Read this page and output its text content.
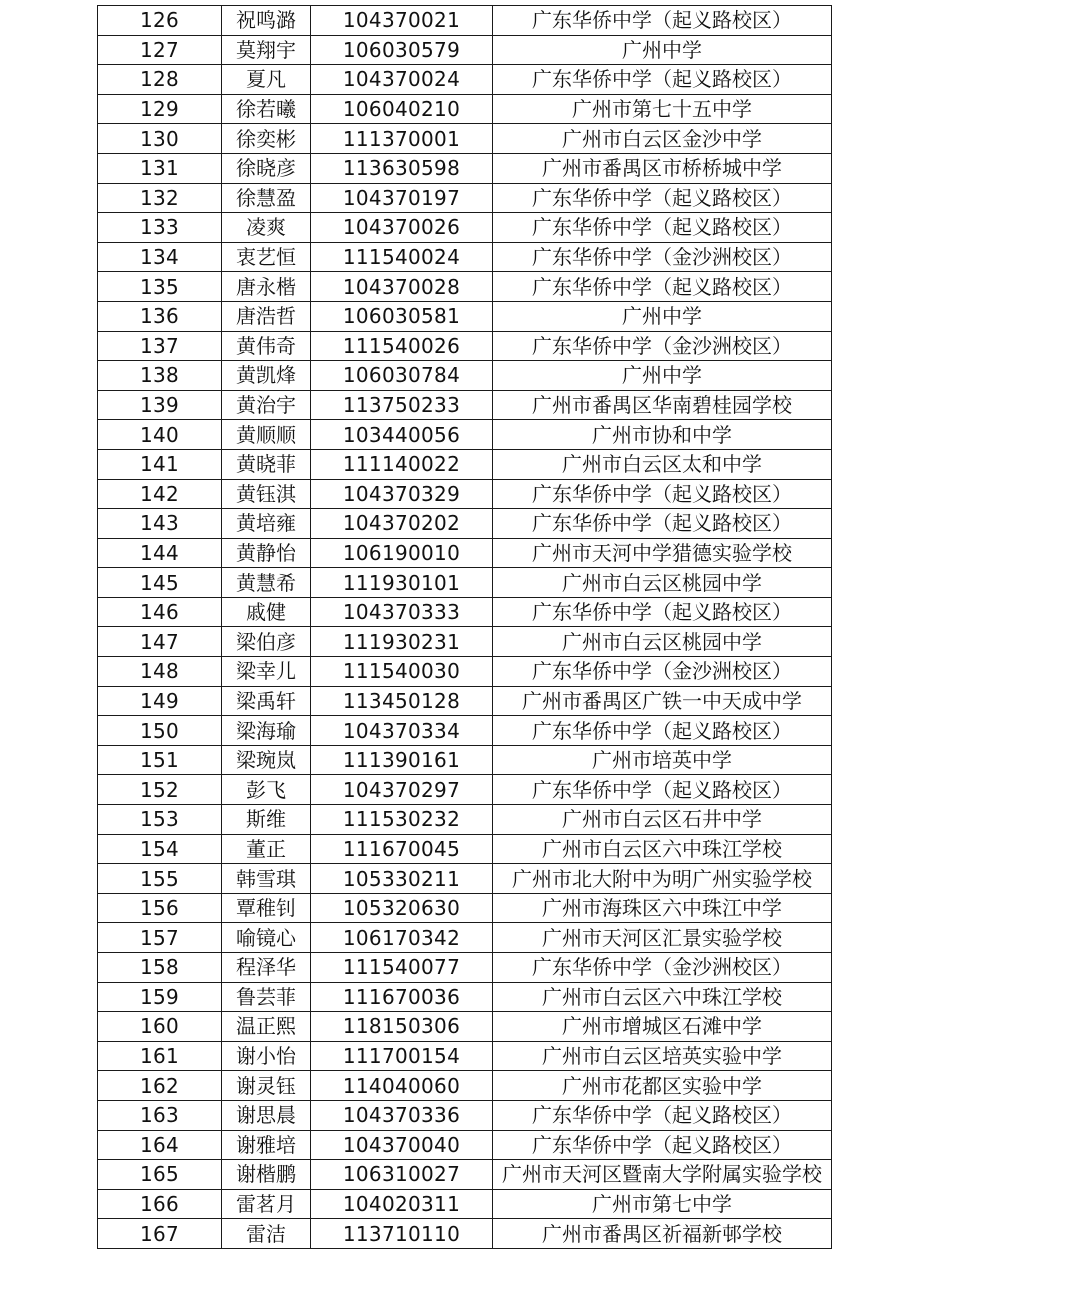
126	祝鸣潞	104370021	广东华侨中学（起义路校区）
127	莫翔宇	106030579	广州中学
128	夏凡	104370024	广东华侨中学（起义路校区）
129	徐若曦	106040210	广州市第七十五中学
130	徐奕彬	111370001	广州市白云区金沙中学
131	徐晓彦	113630598	广州市番禺区市桥桥城中学
132	徐慧盈	104370197	广东华侨中学（起义路校区）
133	凌爽	104370026	广东华侨中学（起义路校区）
134	衷艺恒	111540024	广东华侨中学（金沙洲校区）
135	唐永楷	104370028	广东华侨中学（起义路校区）
136	唐浩哲	106030581	广州中学
137	黄伟奇	111540026	广东华侨中学（金沙洲校区）
138	黄凯烽	106030784	广州中学
139	黄治宇	113750233	广州市番禺区华南碧桂园学校
140	黄顺顺	103440056	广州市协和中学
141	黄晓菲	111140022	广州市白云区太和中学
142	黄钰淇	104370329	广东华侨中学（起义路校区）
143	黄培雍	104370202	广东华侨中学（起义路校区）
144	黄静怡	106190010	广州市天河中学猎德实验学校
145	黄慧希	111930101	广州市白云区桃园中学
146	戚健	104370333	广东华侨中学（起义路校区）
147	梁伯彦	111930231	广州市白云区桃园中学
148	梁幸儿	111540030	广东华侨中学（金沙洲校区）
149	梁禹轩	113450128	广州市番禺区广铁一中天成中学
150	梁海瑜	104370334	广东华侨中学（起义路校区）
151	梁琬岚	111390161	广州市培英中学
152	彭飞	104370297	广东华侨中学（起义路校区）
153	斯维	111530232	广州市白云区石井中学
154	董正	111670045	广州市白云区六中珠江学校
155	韩雪琪	105330211	广州市北大附中为明广州实验学校
156	覃稚钊	105320630	广州市海珠区六中珠江中学
157	喻镜心	106170342	广州市天河区汇景实验学校
158	程泽华	111540077	广东华侨中学（金沙洲校区）
159	鲁芸菲	111670036	广州市白云区六中珠江学校
160	温正熙	118150306	广州市增城区石滩中学
161	谢小怡	111700154	广州市白云区培英实验中学
162	谢灵钰	114040060	广州市花都区实验中学
163	谢思晨	104370336	广东华侨中学（起义路校区）
164	谢雅培	104370040	广东华侨中学（起义路校区）
165	谢楷鹏	106310027	广州市天河区暨南大学附属实验学校
166	雷茗月	104020311	广州市第七中学
167	雷洁	113710110	广州市番禺区祈福新邨学校
